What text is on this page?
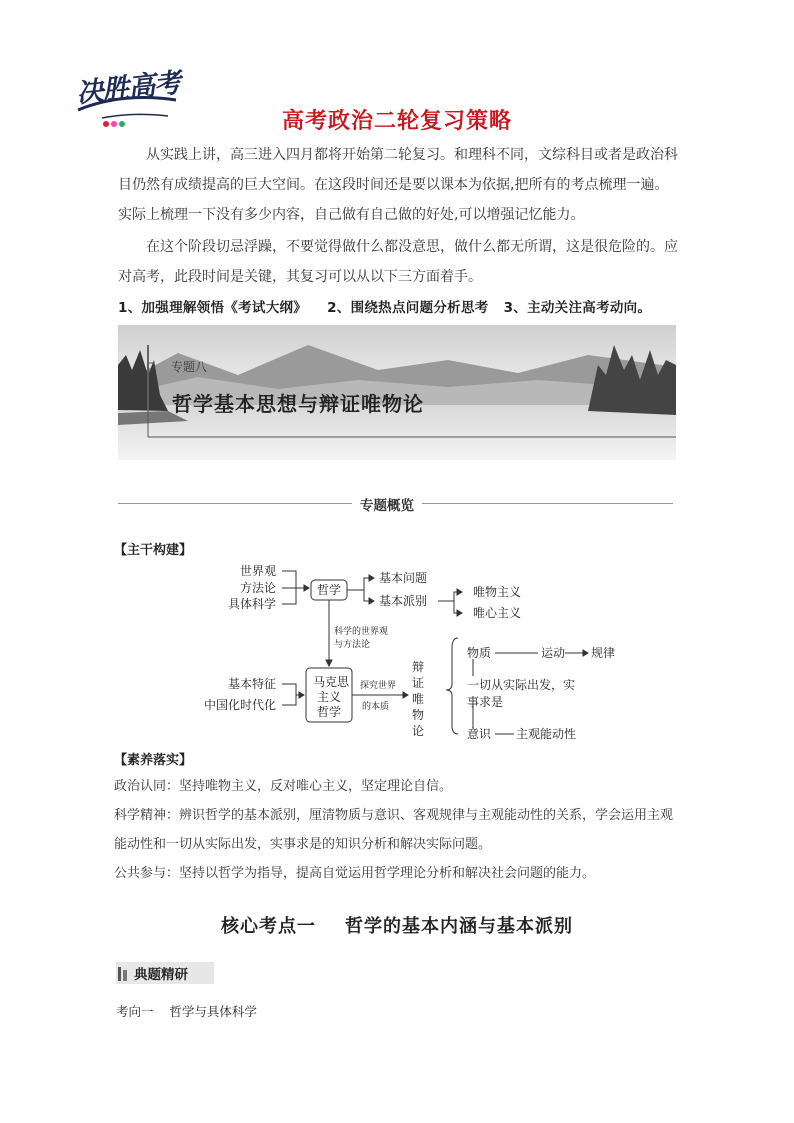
决胜高考
高考政治二轮复习策略
从实践上讲，高三进入四月都将开始第二轮复习。和理科不同，文综科目或者是政治科目仍然有成绩提高的巨大空间。在这段时间还是要以课本为依据,把所有的考点梳理一遍。实际上梳理一下没有多少内容，自己做有自己做的好处,可以增强记忆能力。
在这个阶段切忌浮躁，不要觉得做什么都没意思，做什么都无所谓，这是很危险的。应对高考，此段时间是关键，其复习可以从以下三方面着手。
1、加强理解领悟《考试大纲》    2、围绕热点问题分析思考   3、主动关注高考动向。
专题八
哲学基本思想与辩证唯物论
专题概览
【主干构建】
世界观
方法论
具体科学
哲学
基本问题
基本派别
唯物主义
唯心主义
科学的世界观
与方法论
马克思
主义
哲学
基本特征
中国化时代化
探究世界
的本质
辩
证
唯
物
论
物质	运动 规律
一切从实际出发，实
事求是
意识 主观能动性
【素养落实】
政治认同：坚持唯物主义，反对唯心主义，坚定理论自信。
科学精神：辨识哲学的基本派别，厘清物质与意识、客观规律与主观能动性的关系，学会运用主观能动性和一切从实际出发，实事求是的知识分析和解决实际问题。
公共参与：坚持以哲学为指导，提高自觉运用哲学理论分析和解决社会问题的能力。
核心考点一    哲学的基本内涵与基本派别
典题精研
考向一    哲学与具体科学
